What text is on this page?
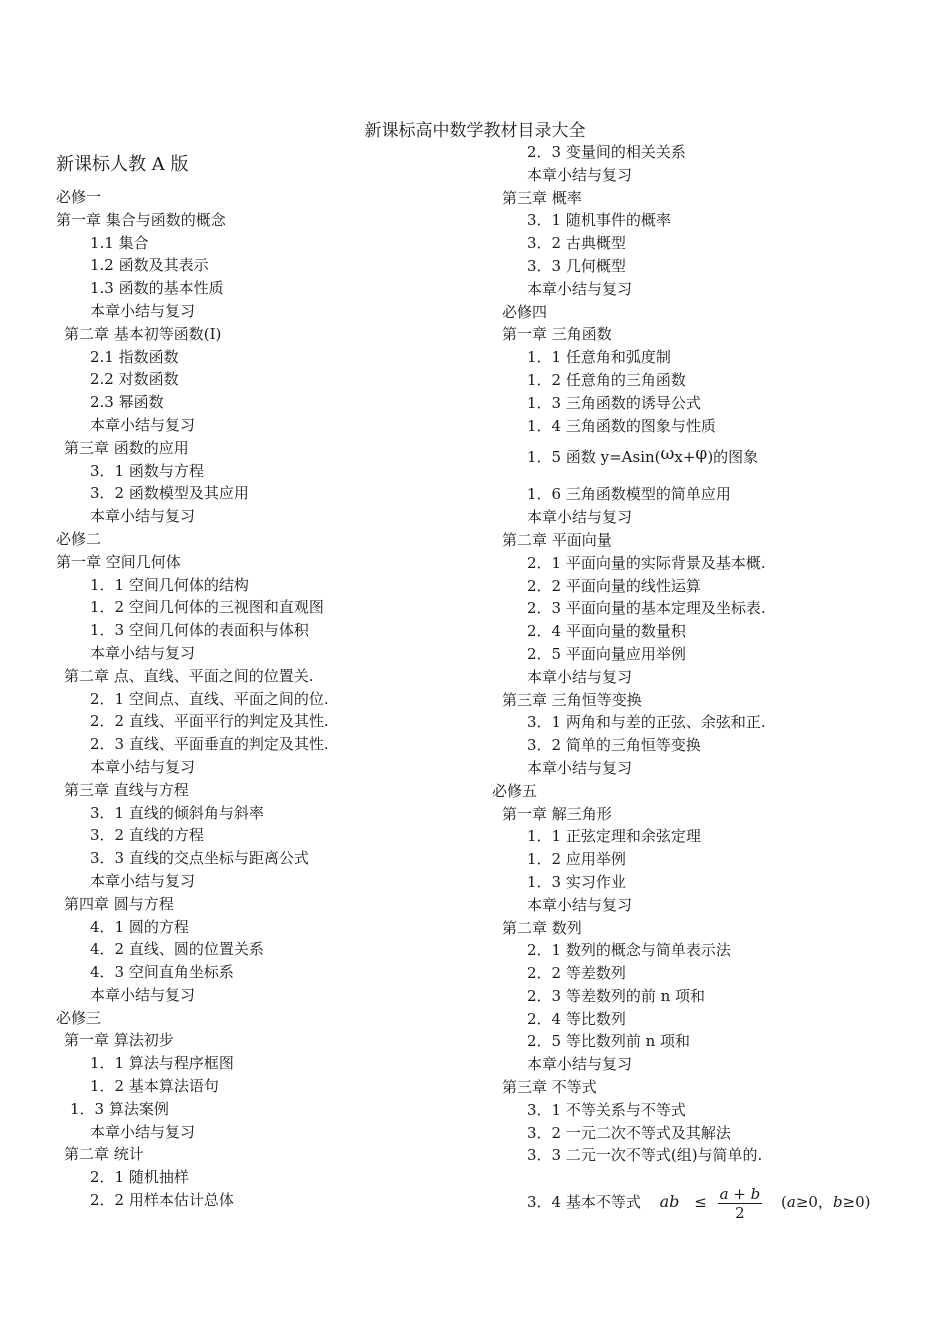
新课标高中数学教材目录大全
新课标人教 A 版
必修一
第一章 集合与函数的概念
1.1 集合
1.2 函数及其表示
1.3 函数的基本性质
本章小结与复习
第二章 基本初等函数(I)
2.1 指数函数
2.2 对数函数
2.3 幂函数
本章小结与复习
第三章 函数的应用
3．1 函数与方程
3．2 函数模型及其应用
本章小结与复习
必修二
第一章 空间几何体
1．1 空间几何体的结构
1．2 空间几何体的三视图和直观图
1．3 空间几何体的表面积与体积
本章小结与复习
第二章 点、直线、平面之间的位置关.
2．1 空间点、直线、平面之间的位.
2．2 直线、平面平行的判定及其性.
2．3 直线、平面垂直的判定及其性.
本章小结与复习
第三章 直线与方程
3．1 直线的倾斜角与斜率
3．2 直线的方程
3．3 直线的交点坐标与距离公式
本章小结与复习
第四章 圆与方程
4．1 圆的方程
4．2 直线、圆的位置关系
4．3 空间直角坐标系
本章小结与复习
必修三
第一章 算法初步
1．1 算法与程序框图
1．2 基本算法语句
1．3 算法案例
本章小结与复习
第二章 统计
2．1 随机抽样
2．2 用样本估计总体
2．3 变量间的相关关系
本章小结与复习
第三章 概率
3．1 随机事件的概率
3．2 古典概型
3．3 几何概型
本章小结与复习
必修四
第一章 三角函数
1．1 任意角和弧度制
1．2 任意角的三角函数
1．3 三角函数的诱导公式
1．4 三角函数的图象与性质
1．5 函数 y=Asin(ωx+φ)的图象
1．6 三角函数模型的简单应用
本章小结与复习
第二章 平面向量
2．1 平面向量的实际背景及基本概.
2．2 平面向量的线性运算
2．3 平面向量的基本定理及坐标表.
2．4 平面向量的数量积
2．5 平面向量应用举例
本章小结与复习
第三章 三角恒等变换
3．1 两角和与差的正弦、余弦和正.
3．2 简单的三角恒等变换
本章小结与复习
必修五
第一章 解三角形
1．1 正弦定理和余弦定理
1．2 应用举例
1．3 实习作业
本章小结与复习
第二章 数列
2．1 数列的概念与简单表示法
2．2 等差数列
2．3 等差数列的前 n 项和
2．4 等比数列
2．5 等比数列前 n 项和
本章小结与复习
第三章 不等式
3．1 不等关系与不等式
3．2 一元二次不等式及其解法
3．3 二元一次不等式(组)与简单的.
3．4 基本不等式 ab ≤ $\frac{a + b}{2} (a\ge 0$，b≥0)
